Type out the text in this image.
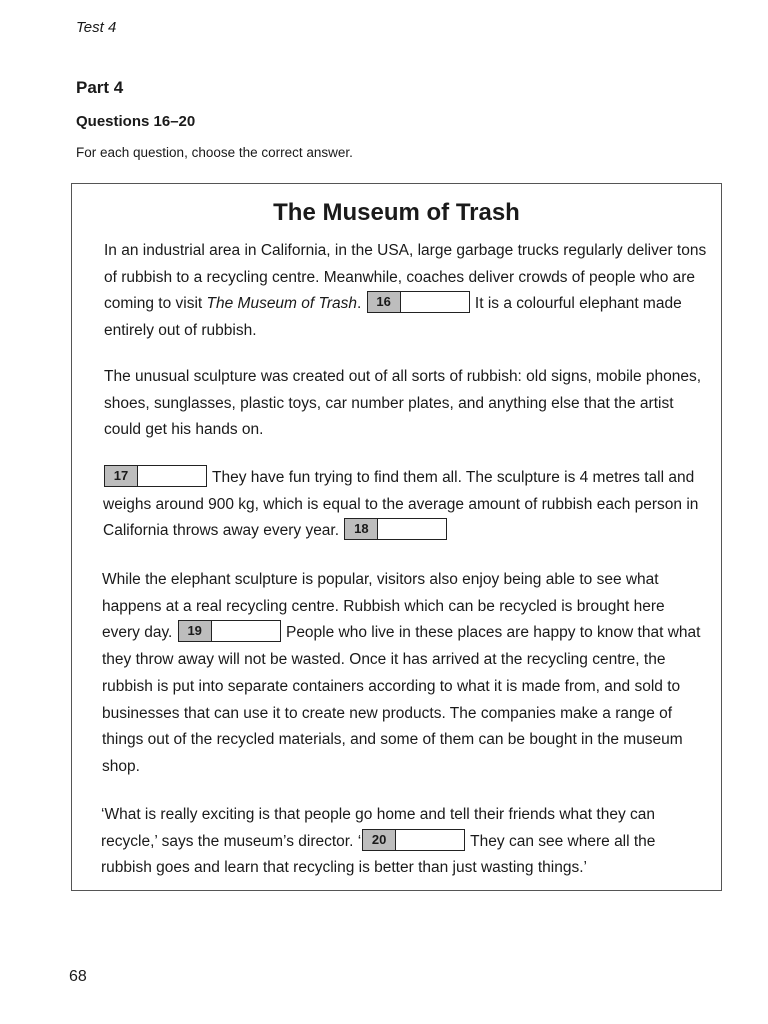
Test 4
Part 4
Questions 16–20
For each question, choose the correct answer.
The Museum of Trash
In an industrial area in California, in the USA, large garbage trucks regularly deliver tons of rubbish to a recycling centre. Meanwhile, coaches deliver crowds of people who are coming to visit The Museum of Trash.	16	It is a colourful elephant made entirely out of rubbish.
The unusual sculpture was created out of all sorts of rubbish: old signs, mobile phones, shoes, sunglasses, plastic toys, car number plates, and anything else that the artist could get his hands on.
17	They have fun trying to find them all. The sculpture is 4 metres tall and weighs around 900 kg, which is equal to the average amount of rubbish each person in California throws away every year.	18
While the elephant sculpture is popular, visitors also enjoy being able to see what happens at a real recycling centre. Rubbish which can be recycled is brought here every day.	19	People who live in these places are happy to know that what they throw away will not be wasted. Once it has arrived at the recycling centre, the rubbish is put into separate containers according to what it is made from, and sold to businesses that can use it to create new products. The companies make a range of things out of the recycled materials, and some of them can be bought in the museum shop.
‘What is really exciting is that people go home and tell their friends what they can recycle,’ says the museum’s director. ‘ 20	They can see where all the rubbish goes and learn that recycling is better than just wasting things.’
68
